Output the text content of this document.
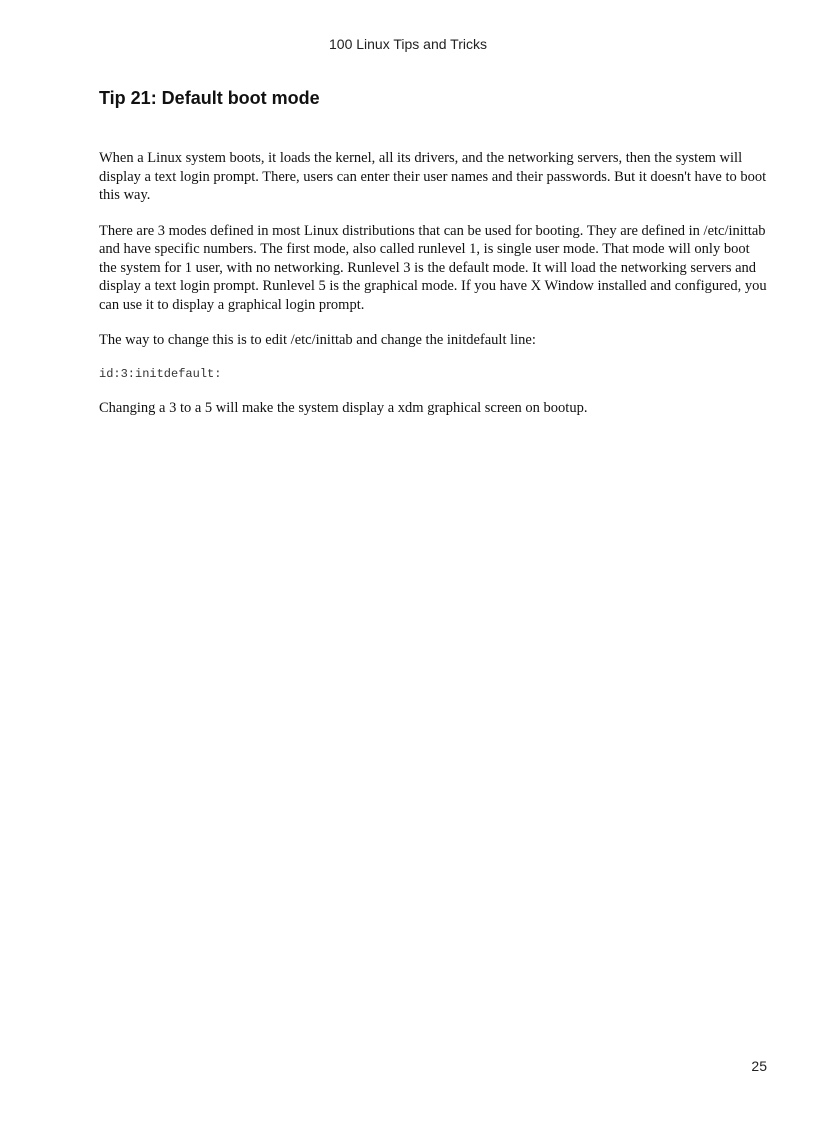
100 Linux Tips and Tricks
Tip 21: Default boot mode

When a Linux system boots, it loads the kernel, all its drivers, and the networking servers, then the system will display a text login prompt. There, users can enter their user names and their passwords. But it doesn't have to boot this way.

There are 3 modes defined in most Linux distributions that can be used for booting. They are defined in /etc/inittab and have specific numbers. The first mode, also called runlevel 1, is single user mode. That mode will only boot the system for 1 user, with no networking. Runlevel 3 is the default mode. It will load the networking servers and display a text login prompt. Runlevel 5 is the graphical mode. If you have X Window installed and configured, you can use it to display a graphical login prompt.

The way to change this is to edit /etc/inittab and change the initdefault line:

id:3:initdefault:

Changing a 3 to a 5 will make the system display a xdm graphical screen on bootup.

25
